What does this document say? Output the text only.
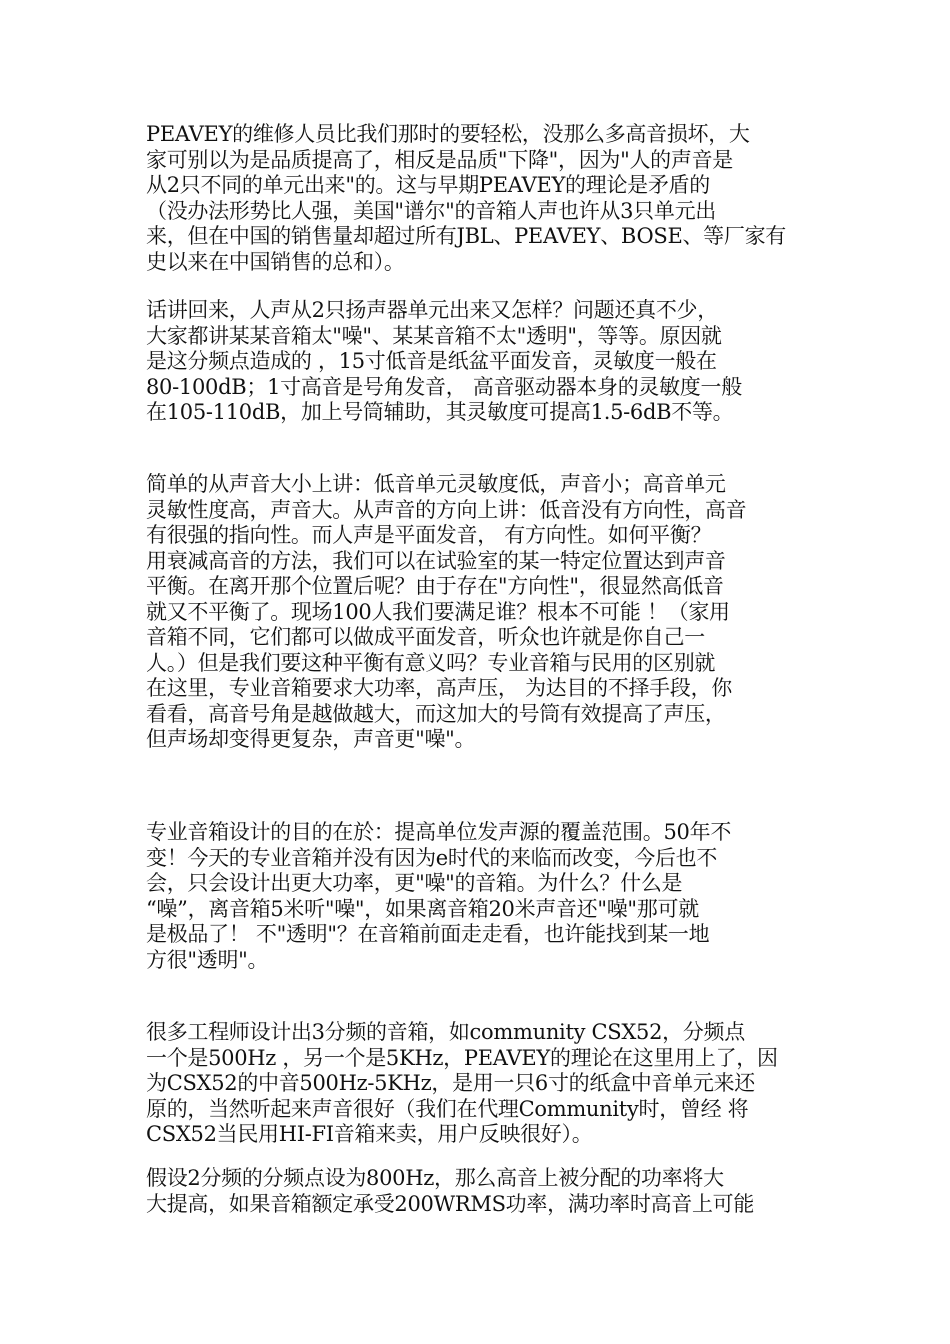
PEAVEY的维修人员比我们那时的要轻松，没那么多高音损坏，大
家可别以为是品质提高了，相反是品质"下降"，因为"人的声音是
从2只不同的单元出来"的。这与早期PEAVEY的理论是矛盾的
（没办法形势比人强，美国"谱尔"的音箱人声也许从3只单元出
来，但在中国的销售量却超过所有JBL、PEAVEY、BOSE、等厂家有
史以来在中国销售的总和）。
话讲回来，人声从2只扬声器单元出来又怎样？问题还真不少，
大家都讲某某音箱太"噪"、某某音箱不太"透明"，等等。原因就
是这分频点造成的 ，15寸低音是纸盆平面发音，灵敏度一般在
80-100dB；1寸高音是号角发音， 高音驱动器本身的灵敏度一般
在105-110dB，加上号筒辅助，其灵敏度可提高1.5-6dB不等。
简单的从声音大小上讲：低音单元灵敏度低，声音小；高音单元
灵敏性度高，声音大。从声音的方向上讲：低音没有方向性，高音
有很强的指向性。而人声是平面发音， 有方向性。如何平衡？
用衰减高音的方法，我们可以在试验室的某一特定位置达到声音
平衡。在离开那个位置后呢？由于存在"方向性"，很显然高低音
就又不平衡了。现场100人我们要满足谁？根本不可能 ！（家用
音箱不同，它们都可以做成平面发音，听众也许就是你自己一
人。）但是我们要这种平衡有意义吗？专业音箱与民用的区别就
在这里，专业音箱要求大功率，高声压， 为达目的不择手段，你
看看，高音号角是越做越大，而这加大的号筒有效提高了声压，
但声场却变得更复杂，声音更"噪"。
专业音箱设计的目的在於：提高单位发声源的覆盖范围。50年不
变！今天的专业音箱并没有因为e时代的来临而改变，今后也不
会，只会设计出更大功率，更"噪"的音箱。为什么？什么是
“噪”，离音箱5米听"噪"，如果离音箱20米声音还"噪"那可就
是极品了！ 不"透明"？在音箱前面走走看，也许能找到某一地
方很"透明"。
很多工程师设计出3分频的音箱，如community CSX52，分频点
一个是500Hz ，另一个是5KHz，PEAVEY的理论在这里用上了，因
为CSX52的中音500Hz-5KHz，是用一只6寸的纸盒中音单元来还
原的，当然听起来声音很好（我们在代理Community时，曾经 将
CSX52当民用HI-FI音箱来卖，用户反映很好）。
假设2分频的分频点设为800Hz，那么高音上被分配的功率将大
大提高，如果音箱额定承受200WRMS功率，满功率时高音上可能
